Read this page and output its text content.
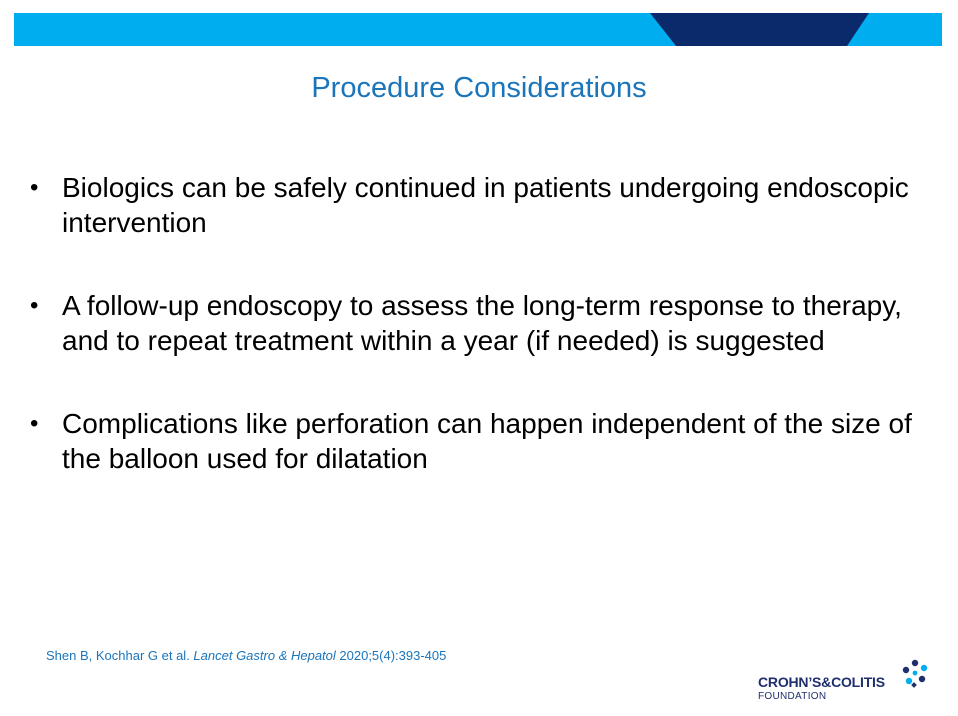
Procedure Considerations
• Biologics can be safely continued in patients undergoing endoscopic intervention
• A follow-up endoscopy to assess the long-term response to therapy, and to repeat treatment within a year (if needed) is suggested
• Complications like perforation can happen independent of the size of the balloon used for dilatation
Shen B, Kochhar G et al. Lancet Gastro & Hepatol 2020;5(4):393-405
CROHN’S&COLITIS
FOUNDATION
